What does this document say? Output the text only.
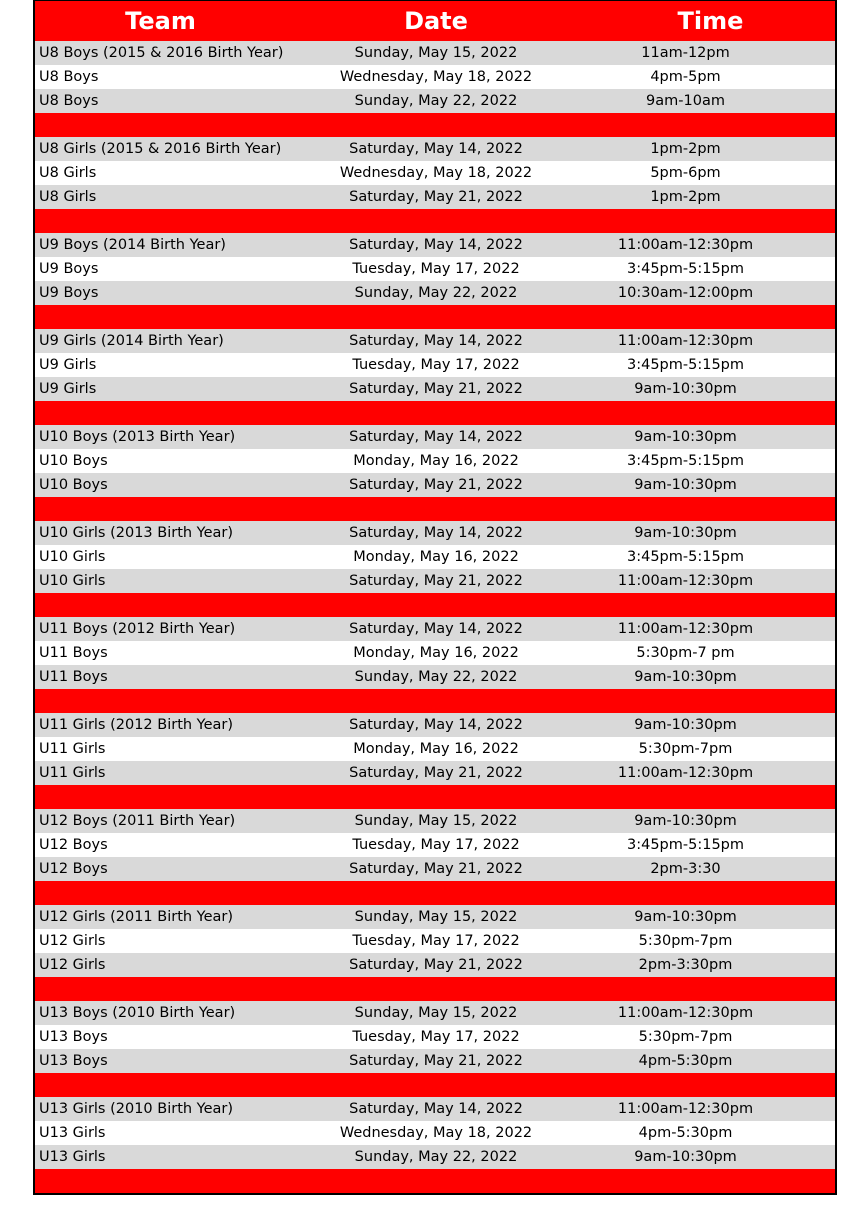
Team	Date	Time
U8 Boys (2015 & 2016 Birth Year)	Sunday, May 15, 2022	11am-12pm
U8 Boys	Wednesday, May 18, 2022	4pm-5pm
U8 Boys	Sunday, May 22, 2022	9am-10am
U8 Girls (2015 & 2016 Birth Year)	Saturday, May 14, 2022	1pm-2pm
U8 Girls	Wednesday, May 18, 2022	5pm-6pm
U8 Girls	Saturday, May 21, 2022	1pm-2pm
U9 Boys (2014 Birth Year)	Saturday, May 14, 2022	11:00am-12:30pm
U9 Boys	Tuesday, May 17, 2022	3:45pm-5:15pm
U9 Boys	Sunday, May 22, 2022	10:30am-12:00pm
U9 Girls (2014 Birth Year)	Saturday, May 14, 2022	11:00am-12:30pm
U9 Girls	Tuesday, May 17, 2022	3:45pm-5:15pm
U9 Girls	Saturday, May 21, 2022	9am-10:30pm
U10 Boys (2013 Birth Year)	Saturday, May 14, 2022	9am-10:30pm
U10 Boys	Monday, May 16, 2022	3:45pm-5:15pm
U10 Boys	Saturday, May 21, 2022	9am-10:30pm
U10 Girls (2013 Birth Year)	Saturday, May 14, 2022	9am-10:30pm
U10 Girls	Monday, May 16, 2022	3:45pm-5:15pm
U10 Girls	Saturday, May 21, 2022	11:00am-12:30pm
U11 Boys (2012 Birth Year)	Saturday, May 14, 2022	11:00am-12:30pm
U11 Boys	Monday, May 16, 2022	5:30pm-7 pm
U11 Boys	Sunday, May 22, 2022	9am-10:30pm
U11 Girls (2012 Birth Year)	Saturday, May 14, 2022	9am-10:30pm
U11 Girls	Monday, May 16, 2022	5:30pm-7pm
U11 Girls	Saturday, May 21, 2022	11:00am-12:30pm
U12 Boys (2011 Birth Year)	Sunday, May 15, 2022	9am-10:30pm
U12 Boys	Tuesday, May 17, 2022	3:45pm-5:15pm
U12 Boys	Saturday, May 21, 2022	2pm-3:30
U12 Girls (2011 Birth Year)	Sunday, May 15, 2022	9am-10:30pm
U12 Girls	Tuesday, May 17, 2022	5:30pm-7pm
U12 Girls	Saturday, May 21, 2022	2pm-3:30pm
U13 Boys (2010 Birth Year)	Sunday, May 15, 2022	11:00am-12:30pm
U13 Boys	Tuesday, May 17, 2022	5:30pm-7pm
U13 Boys	Saturday, May 21, 2022	4pm-5:30pm
U13 Girls (2010 Birth Year)	Saturday, May 14, 2022	11:00am-12:30pm
U13 Girls	Wednesday, May 18, 2022	4pm-5:30pm
U13 Girls	Sunday, May 22, 2022	9am-10:30pm
